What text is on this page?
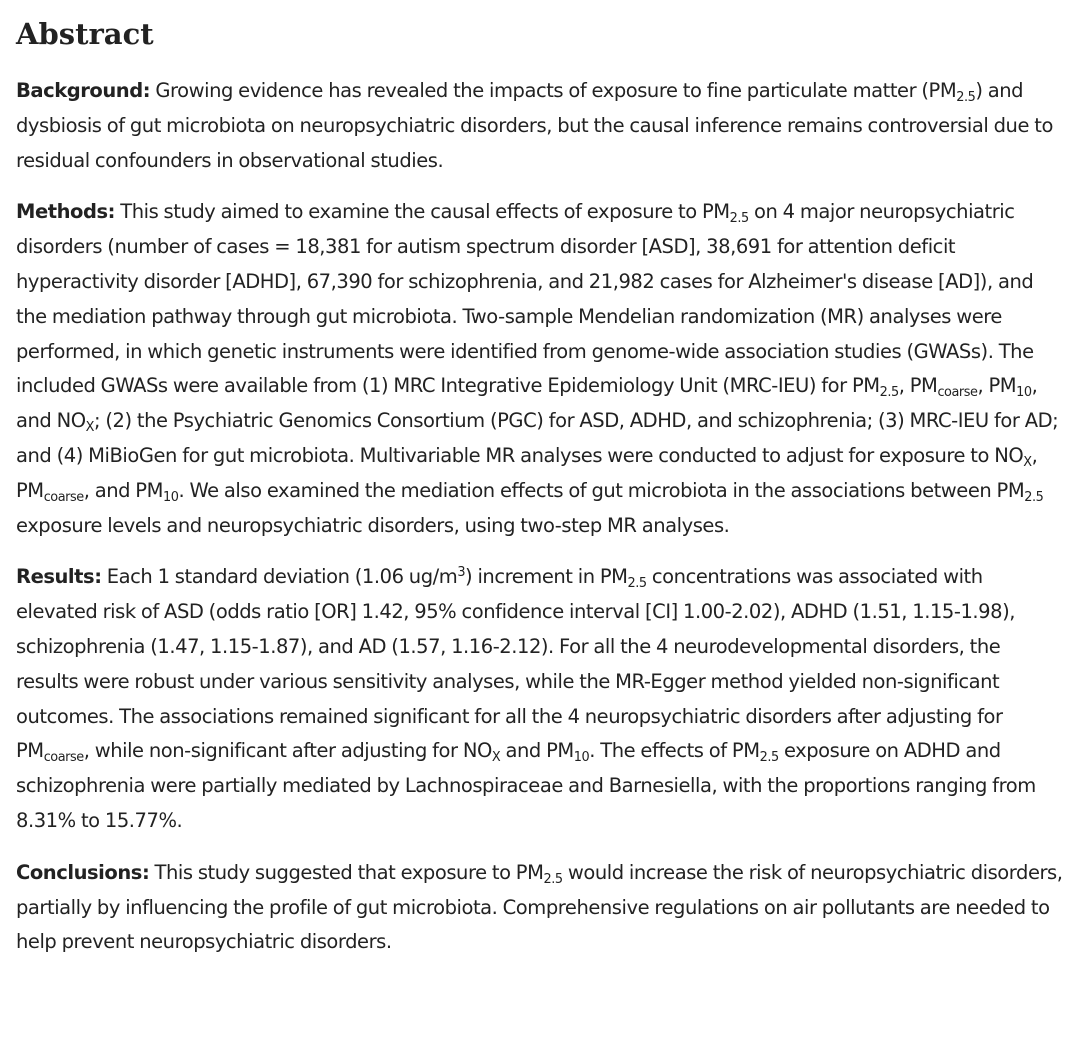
Abstract

Background: Growing evidence has revealed the impacts of exposure to fine particulate matter $(PM_{2.5})$ and dysbiosis of gut microbiota on neuropsychiatric disorders, but the causal inference remains controversial due to residual confounders in observational studies.

Methods: This study aimed to examine the causal effects of exposure to $PM_{2.5}$ on 4 major neuropsychiatric disorders (number of cases = 18,381 for autism spectrum disorder [ASD], 38,691 for attention deficit hyperactivity disorder [ADHD], 67,390 for schizophrenia, and 21,982 cases for Alzheimer's disease [AD]), and the mediation pathway through gut microbiota. Two-sample Mendelian randomization (MR) analyses were performed, in which genetic instruments were identified from genome-wide association studies (GWASs). The included GWASs were available from (1) MRC Integrative Epidemiology Unit (MRC-IEU) for $PM_{2.5}$, $PM_{coarse}$, $PM_{10}$, and $NO_X$; (2) the Psychiatric Genomics Consortium (PGC) for ASD, ADHD, and schizophrenia; (3) MRC-IEU for AD; and (4) MiBioGen for gut microbiota. Multivariable MR analyses were conducted to adjust for exposure to $NO_X$, $PM_{coarse}$, and $PM_{10}$. We also examined the mediation effects of gut microbiota in the associations between $PM_{2.5}$ exposure levels and neuropsychiatric disorders, using two-step MR analyses.

Results: Each 1 standard deviation (1.06 $ug/m^3$) increment in $PM_{2.5}$ concentrations was associated with elevated risk of ASD (odds ratio [OR] 1.42, 95% confidence interval [CI] 1.00-2.02), ADHD (1.51, 1.15-1.98), schizophrenia (1.47, 1.15-1.87), and AD (1.57, 1.16-2.12). For all the 4 neurodevelopmental disorders, the results were robust under various sensitivity analyses, while the MR-Egger method yielded non-significant outcomes. The associations remained significant for all the 4 neuropsychiatric disorders after adjusting for $PM_{coarse}$, while non-significant after adjusting for $NO_X$ and $PM_{10}$. The effects of $PM_{2.5}$ exposure on ADHD and schizophrenia were partially mediated by Lachnospiraceae and Barnesiella, with the proportions ranging from 8.31% to 15.77%.

Conclusions: This study suggested that exposure to $PM_{2.5}$ would increase the risk of neuropsychiatric disorders, partially by influencing the profile of gut microbiota. Comprehensive regulations on air pollutants are needed to help prevent neuropsychiatric disorders.
